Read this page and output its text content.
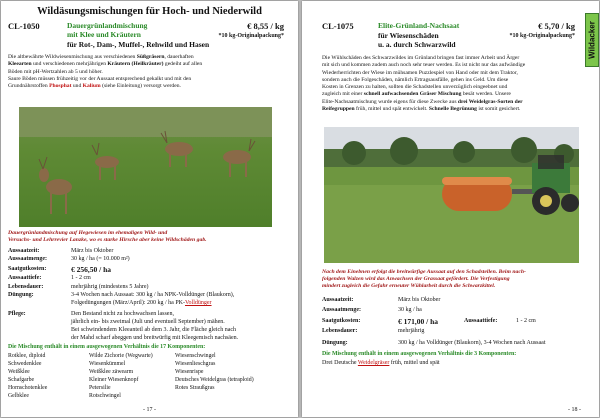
Wildäsungsmischungen für Hoch- und Niederwild
CL-1050	Dauergrünlandmischung
mit Klee und Kräutern
€ 8,55 / kg
*10 kg-Originalpackung*
für Rot-, Dam-, Muffel-, Rehwild und Hasen

Die altbewährte Wildwiesenmischung aus verschiedenen Süßgräsern, dauerhaften

Kleearten und verschiedenen mehrjährigen Kräutern (Heilkräuter) gedeiht auf allen

Böden mit pH-Wertzahlen ab 5 und höher.

Saure Böden müssen frühzeitig vor der Aussaat entsprechend gekalkt und mit den

Grundnährstoffen Phosphat und Kalium (siehe Einleitung) versorgt werden.

Dauergrünlandmischung auf Hegewiesen im ehemaligen Wild- und
Versuchs- und Lehrrevier Lanzke, wo es starke Hirsche aber keine Wildschäden gab.
Aussaatzeit:	März bis Oktober
Aussaatmenge:	30 kg / ha (= 10.000 m²)
Saatgutkosten:	€ 256,50 / ha
Aussaattiefe:	1 - 2 cm
Lebensdauer:	mehrjährig (mindestens 5 Jahre)
Düngung:	3-4 Wochen nach Aussaat: 300 kg / ha NPK-Volldünger (Blaukorn),
Folgedüngungen (März/April): 200 kg / ha PK-Volldünger
Pflege:	Den Bestand nicht zu hochwachsen lassen,
jährlich ein- bis zweimal (Juli und eventuell September) mähen.
Bei schwindendem Kleeanteil ab dem 3. Jahr, die Fläche gleich nach
der Mahd scharf abeggen und breitwürfig mit Kleegemisch nachsäen.
Die Mischung enthält in einem ausgewogenen Verhältnis die 17 Komponenten:
Rotklee, diploid	Wilde Zichorie (Wegwarte)	Wiesenschwingel
Schwedenklee	Wiesenkümmel	Wiesenlieschgras
Weißklee	Weißklee zäwearm	Wiesenrispe
Schafgarbe	Kleiner Wiesenknopf	Deutsches Weidelgras (tetraploid)
Hornschotenklee	Petersilie	Rotes Straußgras
Gelbklee	Rotschwingel
- 17 -
CL-1075	Elite-Grünland-Nachsaat	€ 5,70 / kg
für Wiesenschäden
u. a. durch Schwarzwild
*10 kg-Originalpackung* Wildacker

Die Wühlschäden des Schwarzwildes im Grünland bringen fast immer Arbeit und Ärger

mit sich und kommen zudem auch noch sehr teuer werden. Es ist nicht nur das aufwändige

Wiederherrichten der Wiese im mühsamen Puzzlespiel von Hand oder mit dem Traktor,

sondern auch die Folgeschäden, nämlich Ertragsausfälle, gehen ins Geld. Um diese

Kosten in Grenzen zu halten, sollten die Schadstellen unverzüglich eingeebnet und

zugleich mit einer schnell aufwachsenden Gräser Mischung besät werden. Unsere

Elite-Nachsaatmischung wurde eigens für diese Zwecke aus drei Weidelgras-Sorten der

Reifegruppen früh, mittel und spät entwickelt. Schnelle Begrünung ist somit gesichert.

Nach dem Einebnen erfolgt die breitwürfige Aussaat auf den Schadstellen. Beim nach-
folgenden Walzen wird das Anwachsen der Grassaat gefördert. Die Verfestigung
mindert zugleich die Gefahr erneuter Wühlarbeit durch die Schwarzkittel.
Aussaatzeit:	März bis Oktober
Aussaatmenge:	30 kg / ha
Saatgutkosten:	€ 171,00 / ha	Aussaattiefe:	1 - 2 cm
Lebensdauer:	mehrjährig
Düngung:	300 kg / ha Volldünger (Blaukorn), 3-4 Wochen nach Aussaat
Die Mischung enthält in einem ausgewogenen Verhältnis die 3 Komponenten:
Drei Deutsche Weidelgräser früh, mittel und spät
- 18 -
